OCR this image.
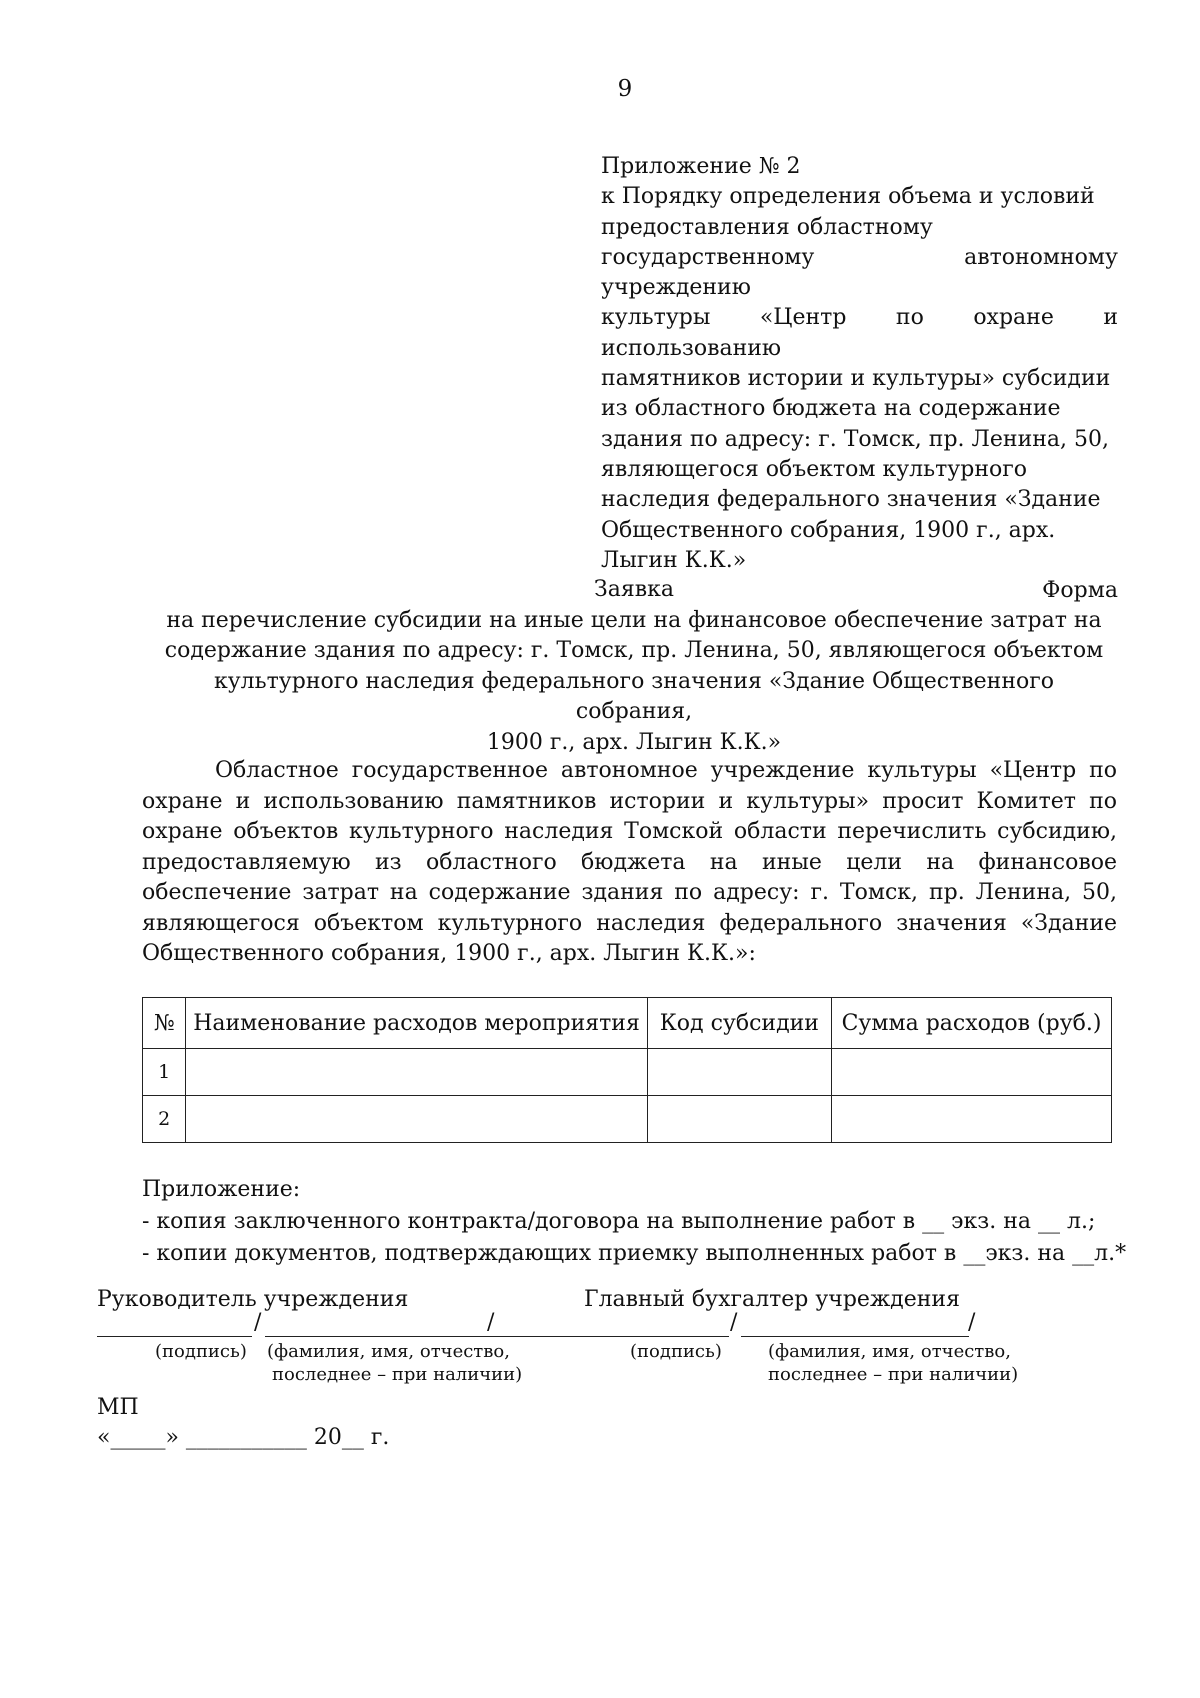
9
Приложение № 2
к Порядку определения объема и условий
предоставления областному
государственному автономному учреждению
культуры «Центр по охране и использованию
памятников истории и культуры» субсидии
из областного бюджета на содержание
здания по адресу: г. Томск, пр. Ленина, 50,
являющегося объектом культурного
наследия федерального значения «Здание
Общественного собрания, 1900 г., арх.
Лыгин К.К.»
Форма
Заявка
на перечисление субсидии на иные цели на финансовое обеспечение затрат на
содержание здания по адресу: г. Томск, пр. Ленина, 50, являющегося объектом
культурного наследия федерального значения «Здание Общественного собрания,
1900 г., арх. Лыгин К.К.»
Областное государственное автономное учреждение культуры «Центр по охране и использованию памятников истории и культуры» просит Комитет по охране объектов культурного наследия Томской области перечислить субсидию, предоставляемую из областного бюджета на иные цели на финансовое обеспечение затрат на содержание здания по адресу: г. Томск, пр. Ленина, 50, являющегося объектом культурного наследия федерального значения «Здание Общественного собрания, 1900 г., арх. Лыгин К.К.»:
№	Наименование расходов мероприятия	Код субсидии	Сумма расходов (руб.)
1			
2			
Приложение:
- копия заключенного контракта/договора на выполнение работ в __ экз. на __ л.;
- копии документов, подтверждающих приемку выполненных работ в __экз. на __л.*
Руководитель учреждения
/	/
(подпись) (фамилия, имя, отчество,
последнее – при наличии)
Главный бухгалтер учреждения
/	/
(подпись)	(фамилия, имя, отчество,
последнее – при наличии)
МП
«_____» ___________ 20__ г.
